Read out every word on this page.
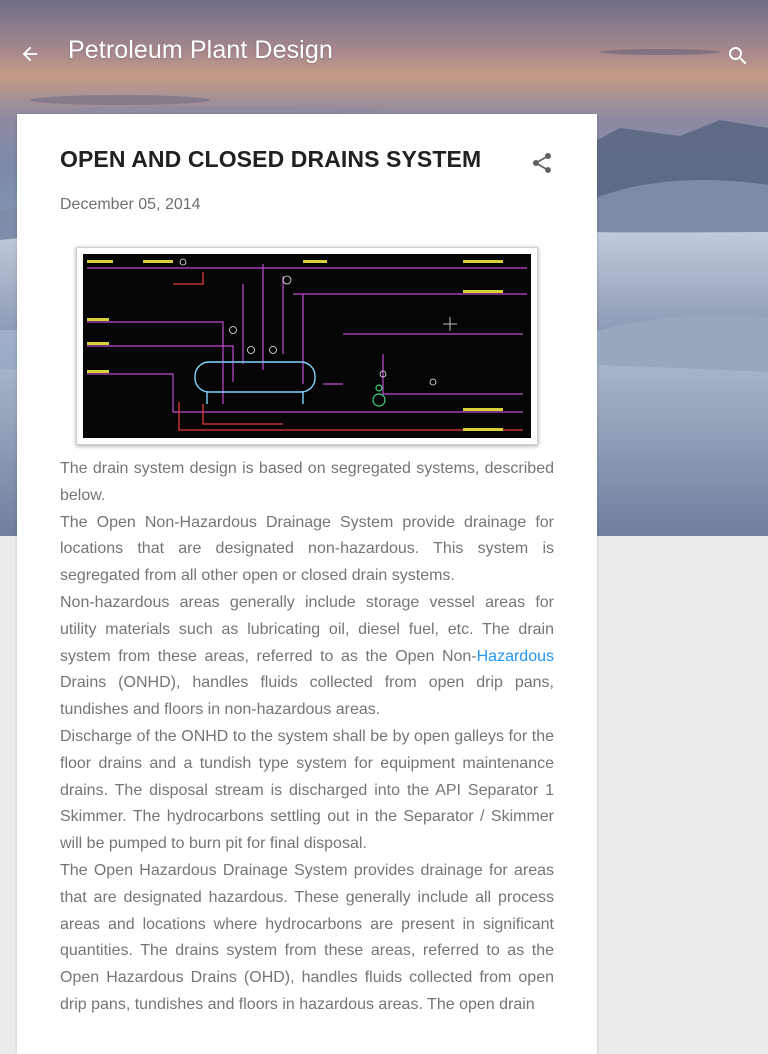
Petroleum Plant Design
OPEN AND CLOSED DRAINS SYSTEM
December 05, 2014

The drain system design is based on segregated systems, described below.

The Open Non-Hazardous Drainage System provide drainage for locations that are designated non-hazardous. This system is segregated from all other open or closed drain systems.

Non-hazardous areas generally include storage vessel areas for utility materials such as lubricating oil, diesel fuel, etc. The drain system from these areas, referred to as the Open Non-Hazardous Drains (ONHD), handles fluids collected from open drip pans, tundishes and floors in non-hazardous areas.

Discharge of the ONHD to the system shall be by open galleys for the floor drains and a tundish type system for equipment maintenance drains. The disposal stream is discharged into the API Separator 1 Skimmer. The hydrocarbons settling out in the Separator / Skimmer will be pumped to burn pit for final disposal.

The Open Hazardous Drainage System provides drainage for areas that are designated hazardous. These generally include all process areas and locations where hydrocarbons are present in significant quantities. The drains system from these areas, referred to as the Open Hazardous Drains (OHD), handles fluids collected from open drip pans, tundishes and floors in hazardous areas. The open drain
